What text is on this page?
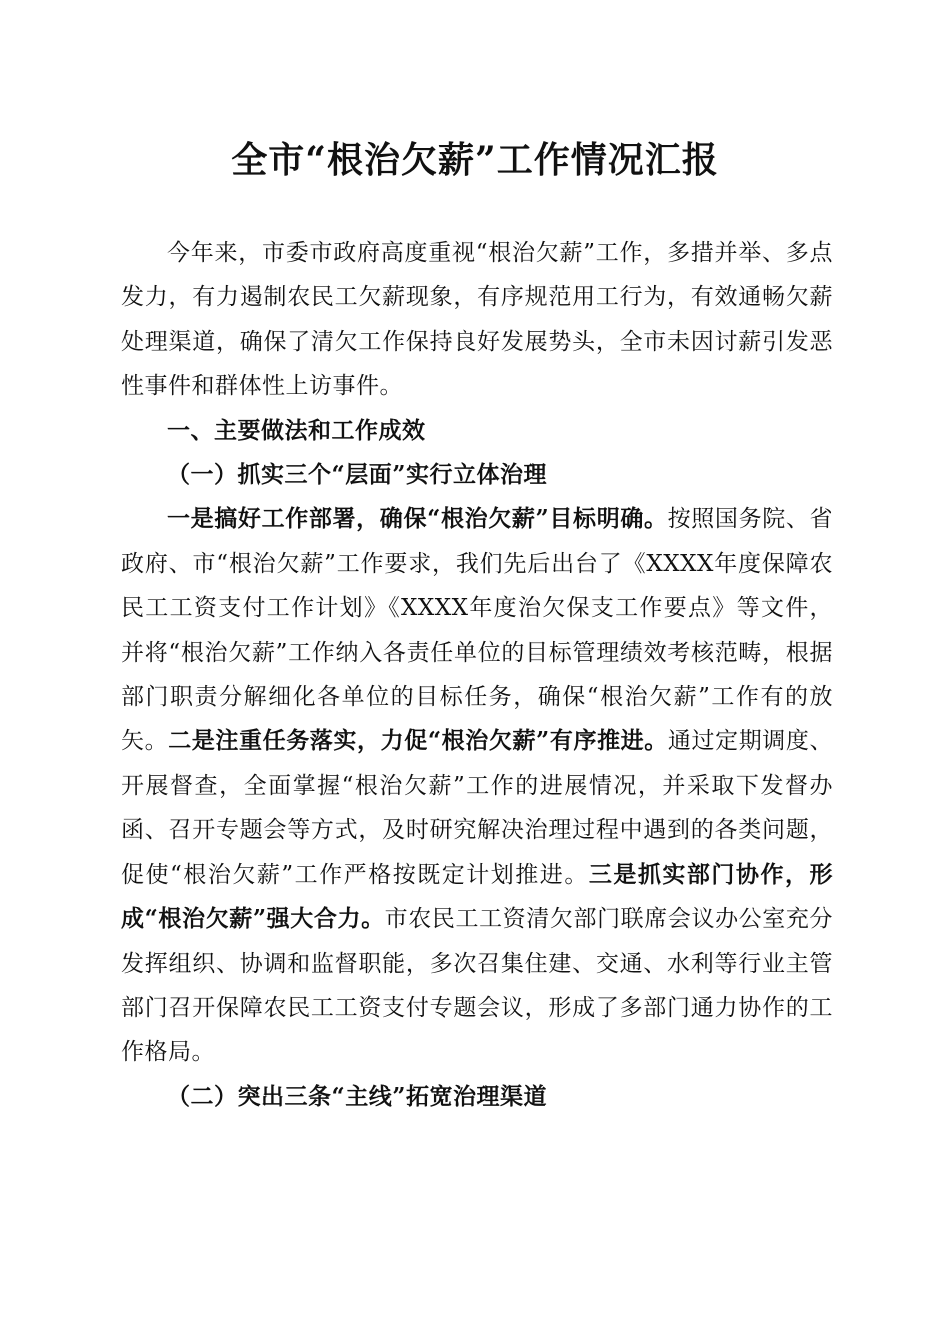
全市“根治欠薪”工作情况汇报

今年来，市委市政府高度重视“根治欠薪”工作，多措并举、多点发力，有力遏制农民工欠薪现象，有序规范用工行为，有效通畅欠薪处理渠道，确保了清欠工作保持良好发展势头，全市未因讨薪引发恶性事件和群体性上访事件。

一、主要做法和工作成效

（一）抓实三个“层面”实行立体治理

一是搞好工作部署，确保“根治欠薪”目标明确。按照国务院、省政府、市“根治欠薪”工作要求，我们先后出台了《XXXX年度保障农民工工资支付工作计划》《XXXX年度治欠保支工作要点》等文件，并将“根治欠薪”工作纳入各责任单位的目标管理绩效考核范畴，根据部门职责分解细化各单位的目标任务，确保“根治欠薪”工作有的放矢。二是注重任务落实，力促“根治欠薪”有序推进。通过定期调度、开展督查，全面掌握“根治欠薪”工作的进展情况，并采取下发督办函、召开专题会等方式，及时研究解决治理过程中遇到的各类问题，促使“根治欠薪”工作严格按既定计划推进。三是抓实部门协作，形成“根治欠薪”强大合力。市农民工工资清欠部门联席会议办公室充分发挥组织、协调和监督职能，多次召集住建、交通、水利等行业主管部门召开保障农民工工资支付专题会议，形成了多部门通力协作的工作格局。

（二）突出三条“主线”拓宽治理渠道
